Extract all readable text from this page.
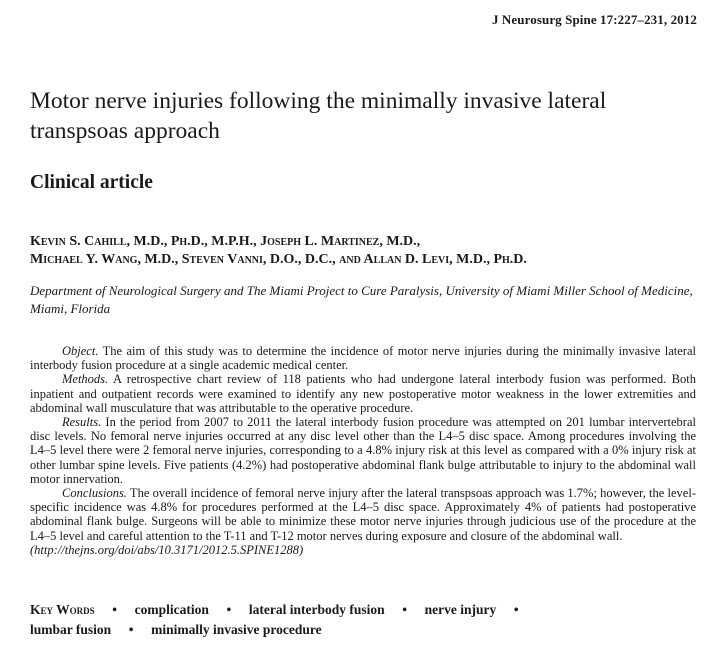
J Neurosurg Spine 17:227–231, 2012
Motor nerve injuries following the minimally invasive lateral transpsoas approach
Clinical article
Kevin S. Cahill, M.D., Ph.D., M.P.H., Joseph L. Martinez, M.D.,
Michael Y. Wang, M.D., Steven Vanni, D.O., D.C., and Allan D. Levi, M.D., Ph.D.

Department of Neurological Surgery and The Miami Project to Cure Paralysis, University of Miami Miller School of Medicine, Miami, Florida

Object. The aim of this study was to determine the incidence of motor nerve injuries during the minimally invasive lateral interbody fusion procedure at a single academic medical center.

Methods. A retrospective chart review of 118 patients who had undergone lateral interbody fusion was performed. Both inpatient and outpatient records were examined to identify any new postoperative motor weakness in the lower extremities and abdominal wall musculature that was attributable to the operative procedure.

Results. In the period from 2007 to 2011 the lateral interbody fusion procedure was attempted on 201 lumbar intervertebral disc levels. No femoral nerve injuries occurred at any disc level other than the L4–5 disc space. Among procedures involving the L4–5 level there were 2 femoral nerve injuries, corresponding to a 4.8% injury risk at this level as compared with a 0% injury risk at other lumbar spine levels. Five patients (4.2%) had postoperative abdominal flank bulge attributable to injury to the abdominal wall motor innervation.

Conclusions. The overall incidence of femoral nerve injury after the lateral transpsoas approach was 1.7%; however, the level-specific incidence was 4.8% for procedures performed at the L4–5 disc space. Approximately 4% of patients had postoperative abdominal flank bulge. Surgeons will be able to minimize these motor nerve injuries through judicious use of the procedure at the L4–5 level and careful attention to the T-11 and T-12 motor nerves during exposure and closure of the abdominal wall.

(http://thejns.org/doi/abs/10.3171/2012.5.SPINE1288)

Key Words • complication • lateral interbody fusion • nerve injury •
lumbar fusion • minimally invasive procedure
